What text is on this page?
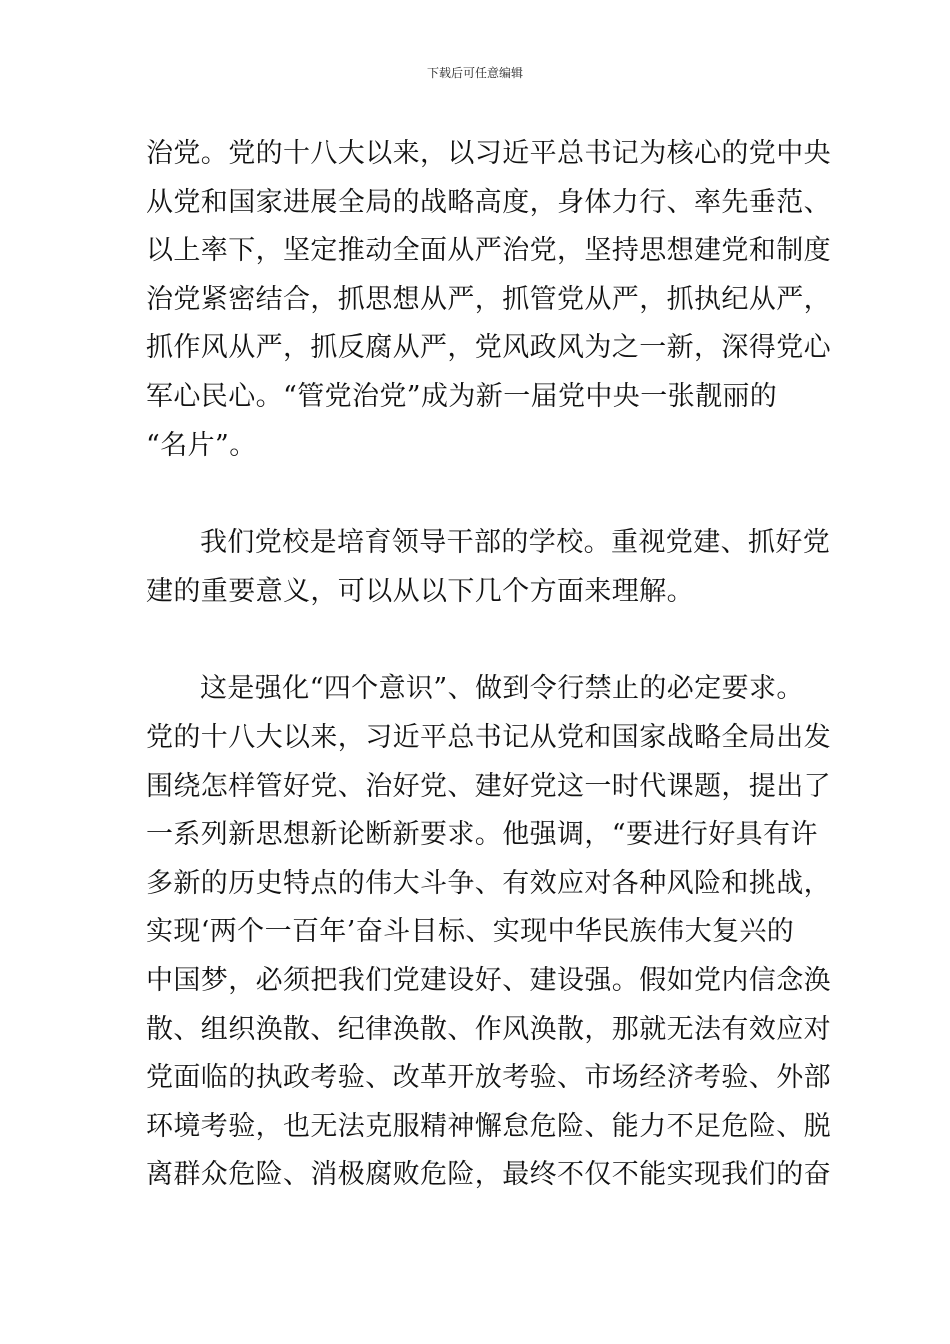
下载后可任意编辑
治党。党的十八大以来，以习近平总书记为核心的党中央
从党和国家进展全局的战略高度，身体力行、率先垂范、
以上率下，坚定推动全面从严治党，坚持思想建党和制度
治党紧密结合，抓思想从严，抓管党从严，抓执纪从严，
抓作风从严，抓反腐从严，党风政风为之一新，深得党心
军心民心。“管党治党”成为新一届党中央一张靓丽的
“名片”。
我们党校是培育领导干部的学校。重视党建、抓好党
建的重要意义，可以从以下几个方面来理解。
这是强化“四个意识”、做到令行禁止的必定要求。
党的十八大以来，习近平总书记从党和国家战略全局出发
围绕怎样管好党、治好党、建好党这一时代课题，提出了
一系列新思想新论断新要求。他强调，“要进行好具有许
多新的历史特点的伟大斗争、有效应对各种风险和挑战，
实现‘两个一百年’奋斗目标、实现中华民族伟大复兴的
中国梦，必须把我们党建设好、建设强。假如党内信念涣
散、组织涣散、纪律涣散、作风涣散，那就无法有效应对
党面临的执政考验、改革开放考验、市场经济考验、外部
环境考验，也无法克服精神懈怠危险、能力不足危险、脱
离群众危险、消极腐败危险，最终不仅不能实现我们的奋
